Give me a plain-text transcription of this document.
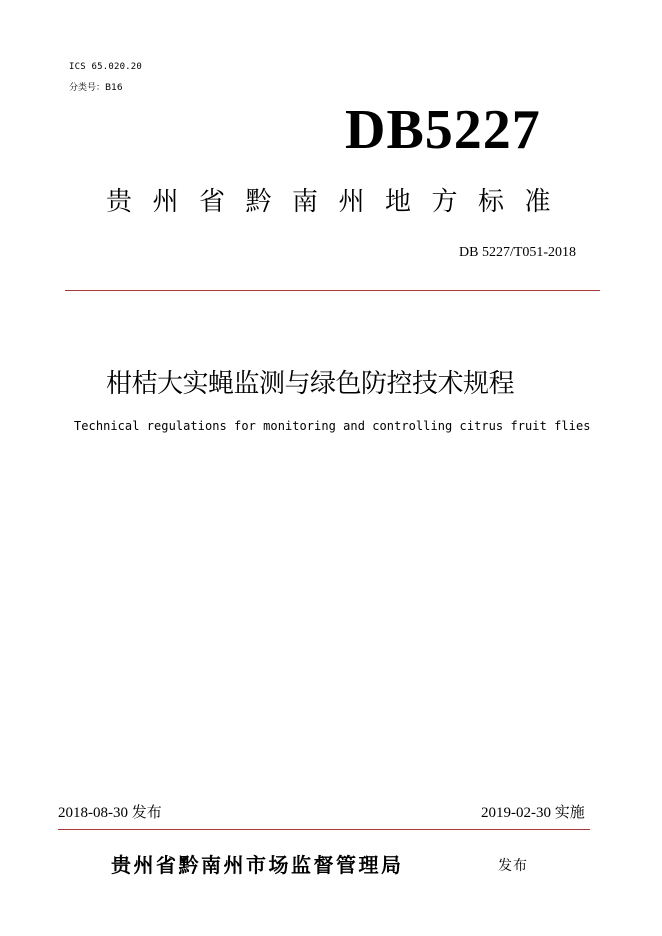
ICS 65.020.20
分类号：B16
DB5227
贵州省黔南州地方标准
DB 5227/T051-2018
柑桔大实蝇监测与绿色防控技术规程
Technical regulations for monitoring and controlling citrus fruit flies
2018-08-30 发布	2019-02-30 实施
贵州省黔南州市场监督管理局	发布
